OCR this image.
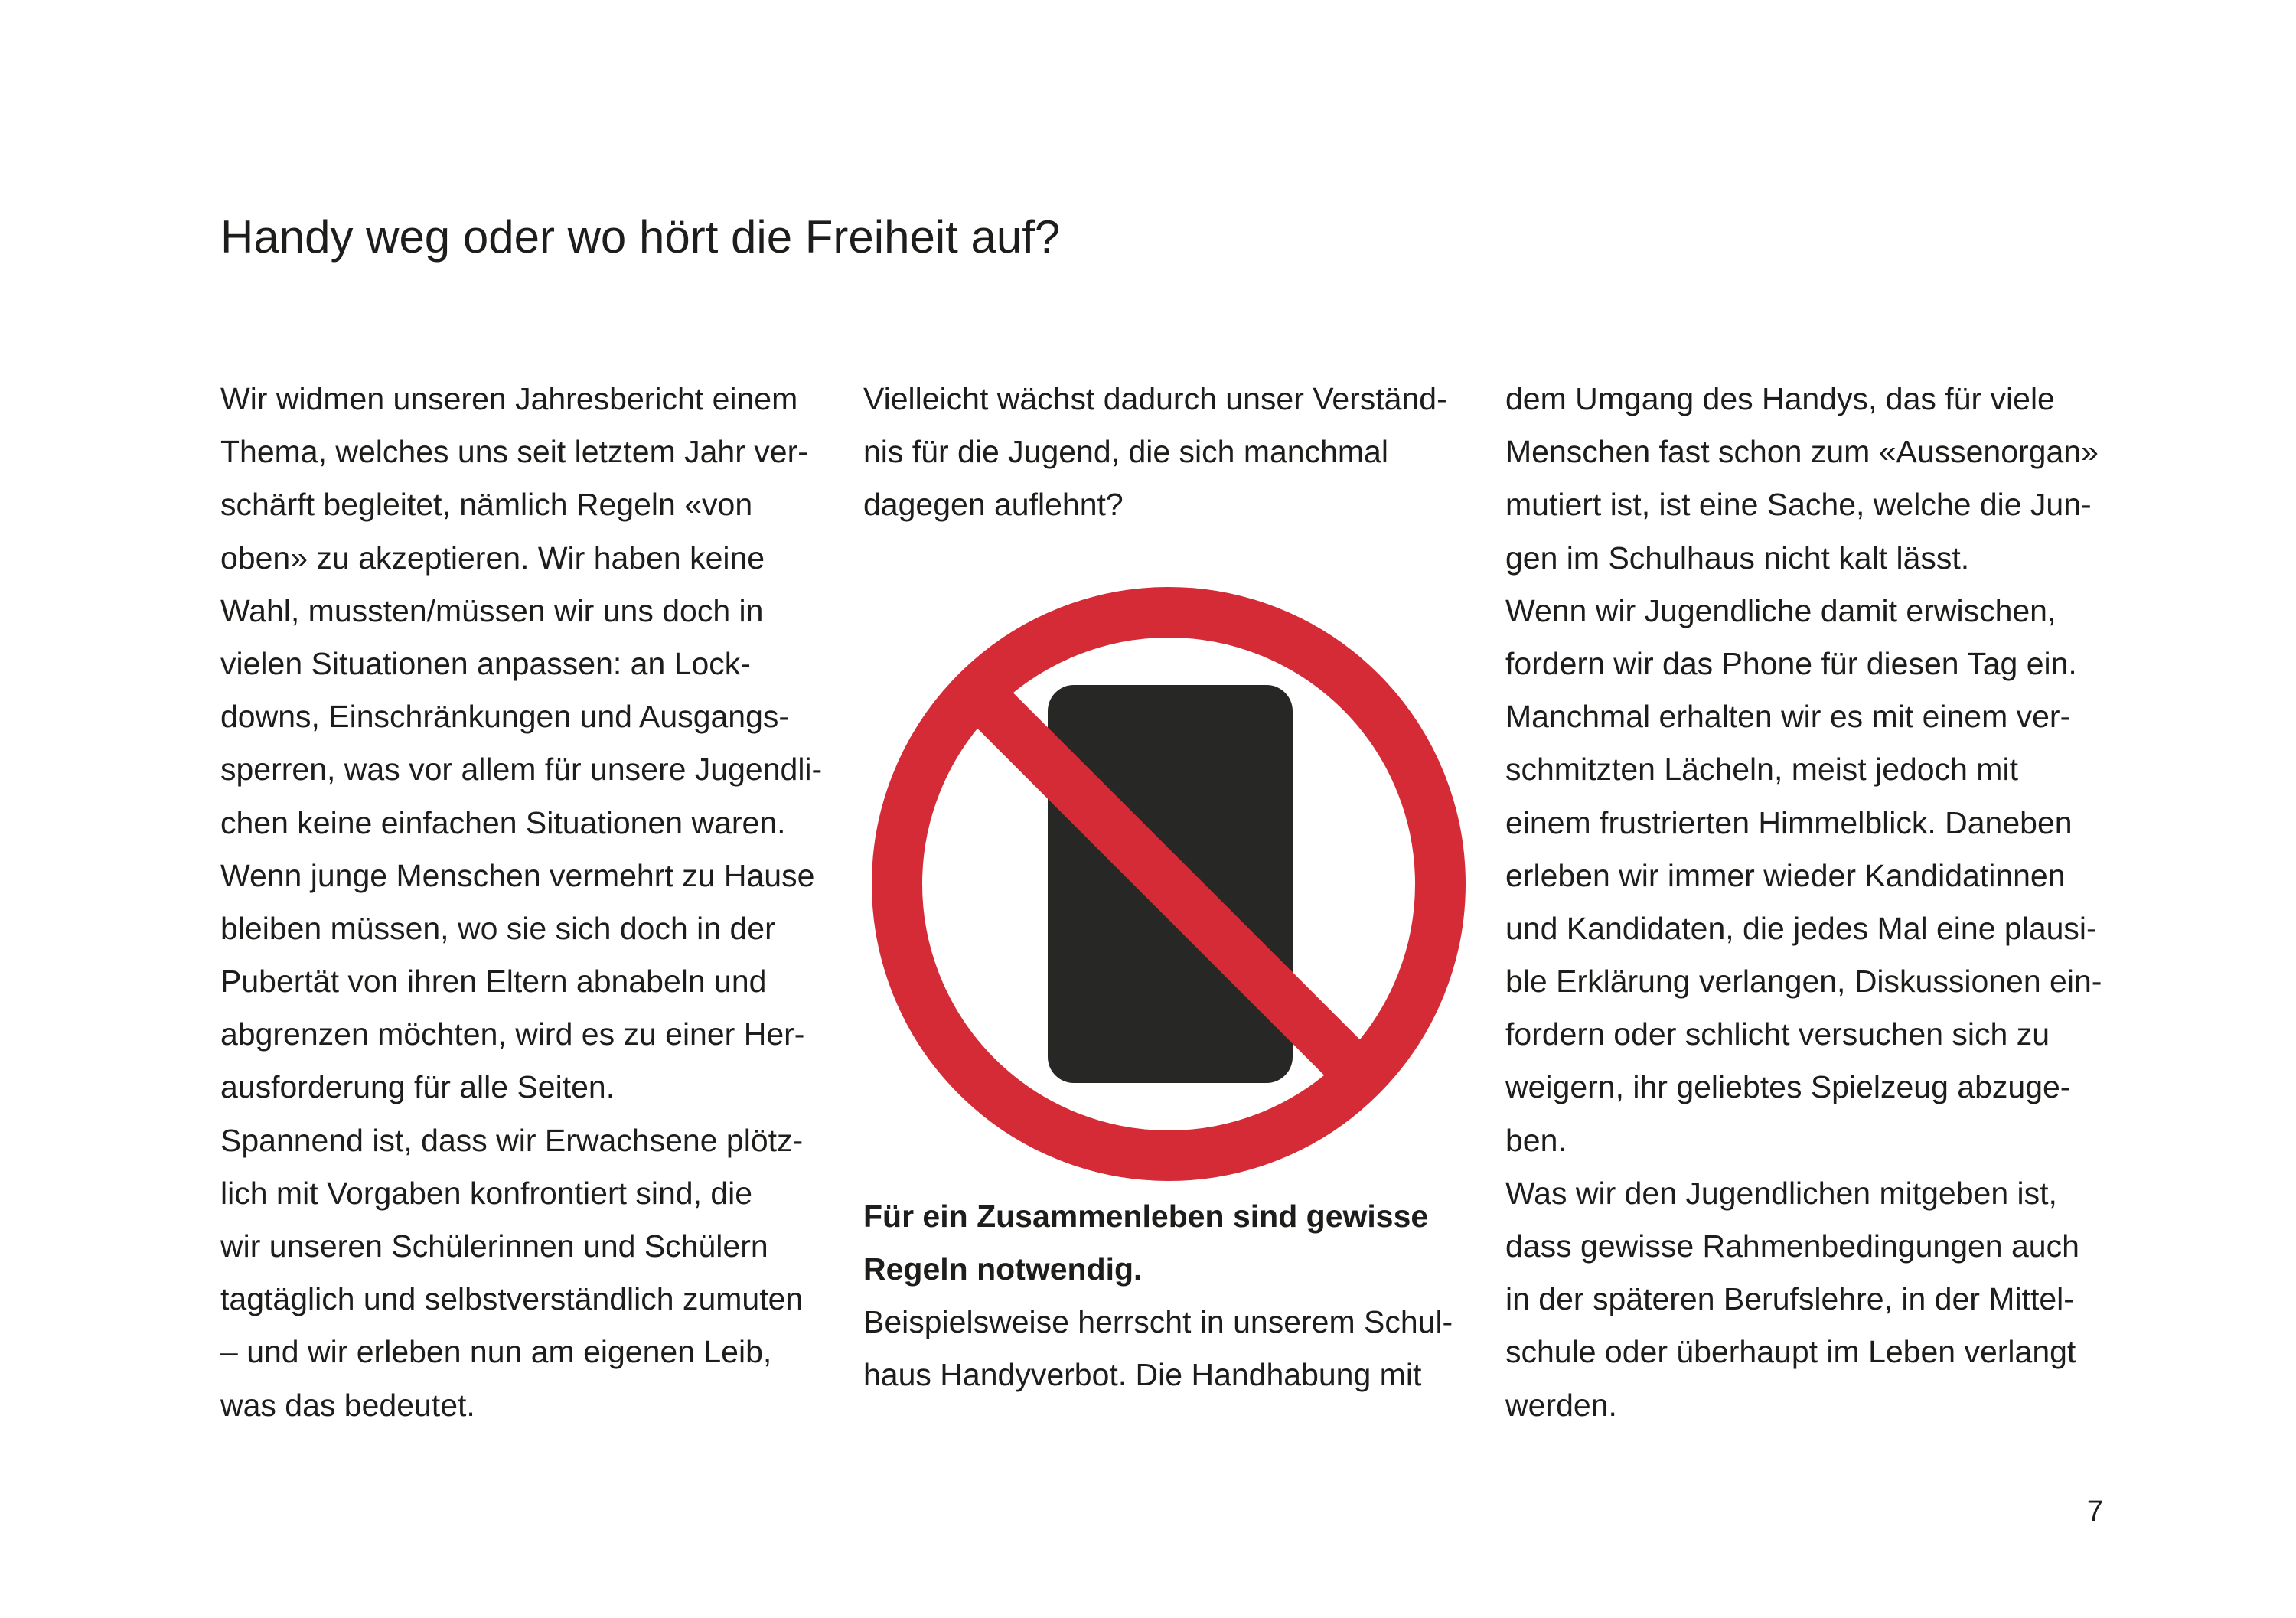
Handy weg oder wo hört die Freiheit auf?
Wir widmen unseren Jahresbericht einem
Thema, welches uns seit letztem Jahr ver-
schärft begleitet, nämlich Regeln «von
oben» zu akzeptieren. Wir haben keine
Wahl, mussten/müssen wir uns doch in
vielen Situationen anpassen: an Lock-
downs, Einschränkungen und Ausgangs-
sperren, was vor allem für unsere Jugendli-
chen keine einfachen Situationen waren.
Wenn junge Menschen vermehrt zu Hause
bleiben müssen, wo sie sich doch in der
Pubertät von ihren Eltern abnabeln und
abgrenzen möchten, wird es zu einer Her-
ausforderung für alle Seiten.
Spannend ist, dass wir Erwachsene plötz-
lich mit Vorgaben konfrontiert sind, die
wir unseren Schülerinnen und Schülern
tagtäglich und selbstverständlich zumuten
– und wir erleben nun am eigenen Leib,
was das bedeutet.
Vielleicht wächst dadurch unser Verständ-
nis für die Jugend, die sich manchmal
dagegen auflehnt?
Für ein Zusammenleben sind gewisse
Regeln notwendig.
Beispielsweise herrscht in unserem Schul-
haus Handyverbot. Die Handhabung mit
dem Umgang des Handys, das für viele
Menschen fast schon zum «Aussenorgan»
mutiert ist, ist eine Sache, welche die Jun-
gen im Schulhaus nicht kalt lässt.
Wenn wir Jugendliche damit erwischen,
fordern wir das Phone für diesen Tag ein.
Manchmal erhalten wir es mit einem ver-
schmitzten Lächeln, meist jedoch mit
einem frustrierten Himmelblick. Daneben
erleben wir immer wieder Kandidatinnen
und Kandidaten, die jedes Mal eine plausi-
ble Erklärung verlangen, Diskussionen ein-
fordern oder schlicht versuchen sich zu
weigern, ihr geliebtes Spielzeug abzuge-
ben.
Was wir den Jugendlichen mitgeben ist,
dass gewisse Rahmenbedingungen auch
in der späteren Berufslehre, in der Mittel-
schule oder überhaupt im Leben verlangt
werden.
7
